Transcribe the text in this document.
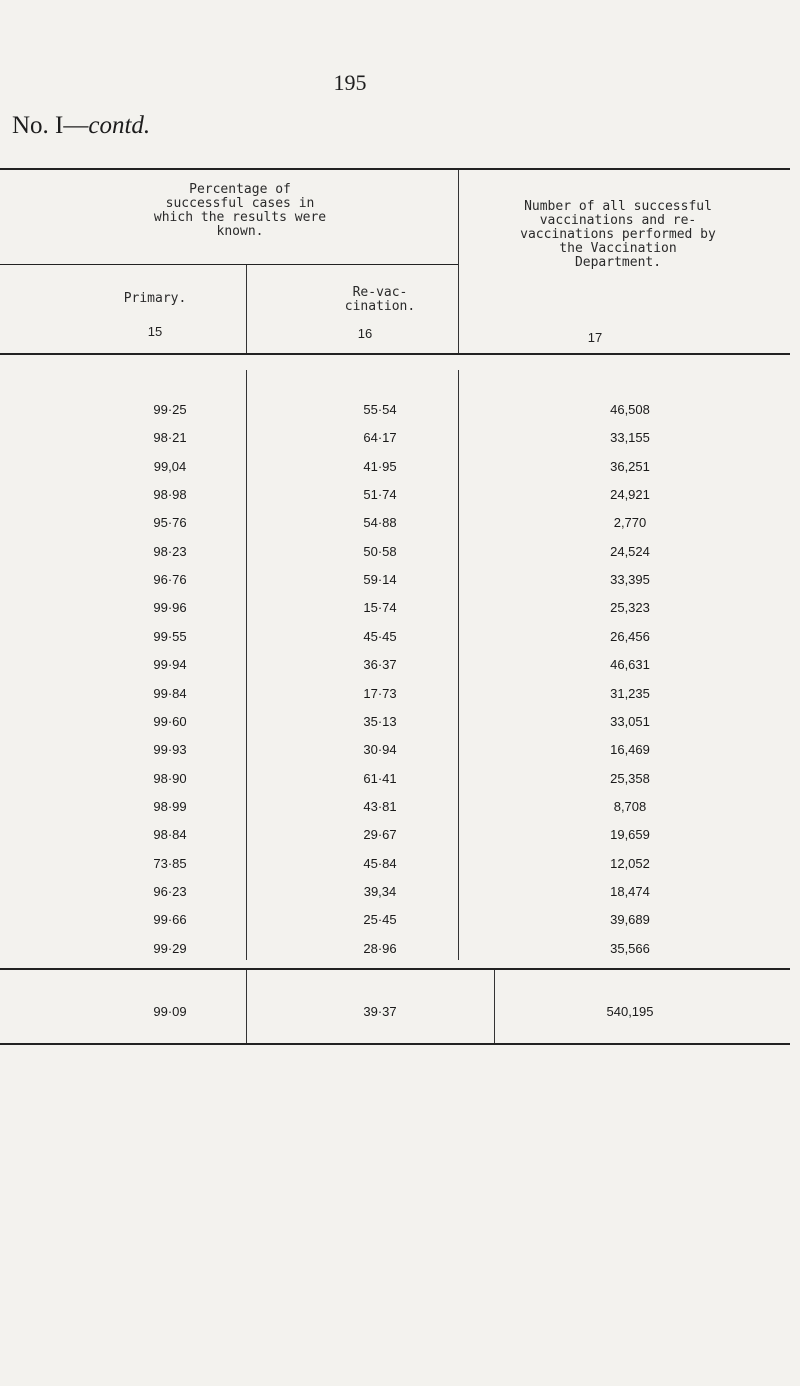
195
No. I—contd.
Percentage of successful cases in which the results were known.
Number of all successful vaccinations and re-vaccinations performed by the Vaccination Department.
Primary.	Re-vac-
cination.
15	16	17
99·25	55·54	46,508
98·21	64·17	33,155
99,04	41·95	36,251
98·98	51·74	24,921
95·76	54·88	2,770
98·23	50·58	24,524
96·76	59·14	33,395
99·96	15·74	25,323
99·55	45·45	26,456
99·94	36·37	46,631
99·84	17·73	31,235
99·60	35·13	33,051
99·93	30·94	16,469
98·90	61·41	25,358
98·99	43·81	8,708
98·84	29·67	19,659
73·85	45·84	12,052
96·23	39,34	18,474
99·66	25·45	39,689
99·29	28·96	35,566
99·09	39·37	540,195
